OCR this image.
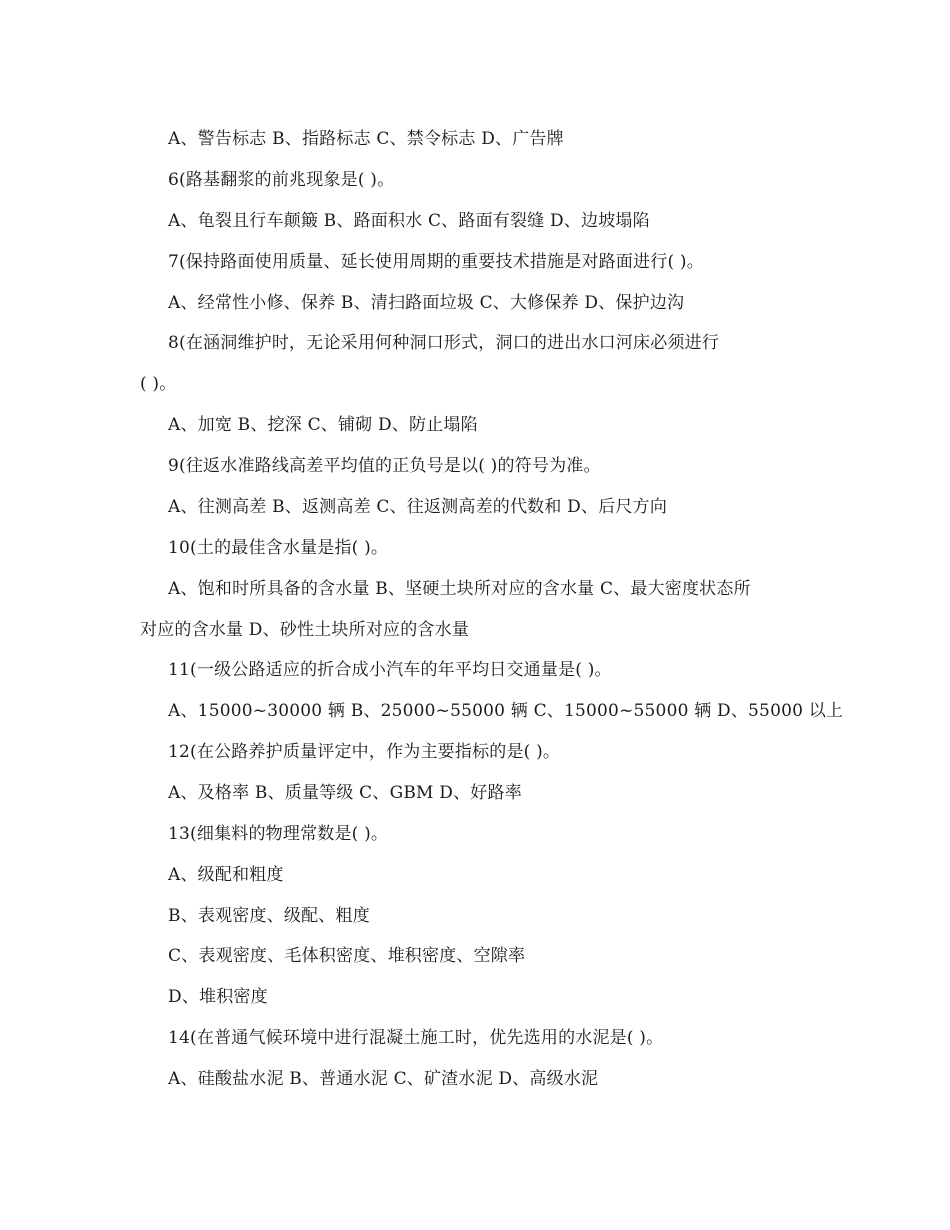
A、警告标志 B、指路标志 C、禁令标志 D、广告牌
6(路基翻浆的前兆现象是( )。
A、龟裂且行车颠簸 B、路面积水 C、路面有裂缝 D、边坡塌陷
7(保持路面使用质量、延长使用周期的重要技术措施是对路面进行( )。
A、经常性小修、保养 B、清扫路面垃圾 C、大修保养 D、保护边沟
8(在涵洞维护时，无论采用何种洞口形式，洞口的进出水口河床必须进行
( )。
A、加宽 B、挖深 C、铺砌 D、防止塌陷
9(往返水准路线高差平均值的正负号是以( )的符号为准。
A、往测高差 B、返测高差 C、往返测高差的代数和 D、后尺方向
10(土的最佳含水量是指( )。
A、饱和时所具备的含水量 B、坚硬土块所对应的含水量 C、最大密度状态所
对应的含水量 D、砂性土块所对应的含水量
11(一级公路适应的折合成小汽车的年平均日交通量是( )。
A、15000~30000 辆 B、25000~55000 辆 C、15000~55000 辆 D、55000 以上
12(在公路养护质量评定中，作为主要指标的是( )。
A、及格率 B、质量等级 C、GBM D、好路率
13(细集料的物理常数是( )。
A、级配和粗度
B、表观密度、级配、粗度
C、表观密度、毛体积密度、堆积密度、空隙率
D、堆积密度
14(在普通气候环境中进行混凝土施工时，优先选用的水泥是( )。
A、硅酸盐水泥 B、普通水泥 C、矿渣水泥 D、高级水泥
